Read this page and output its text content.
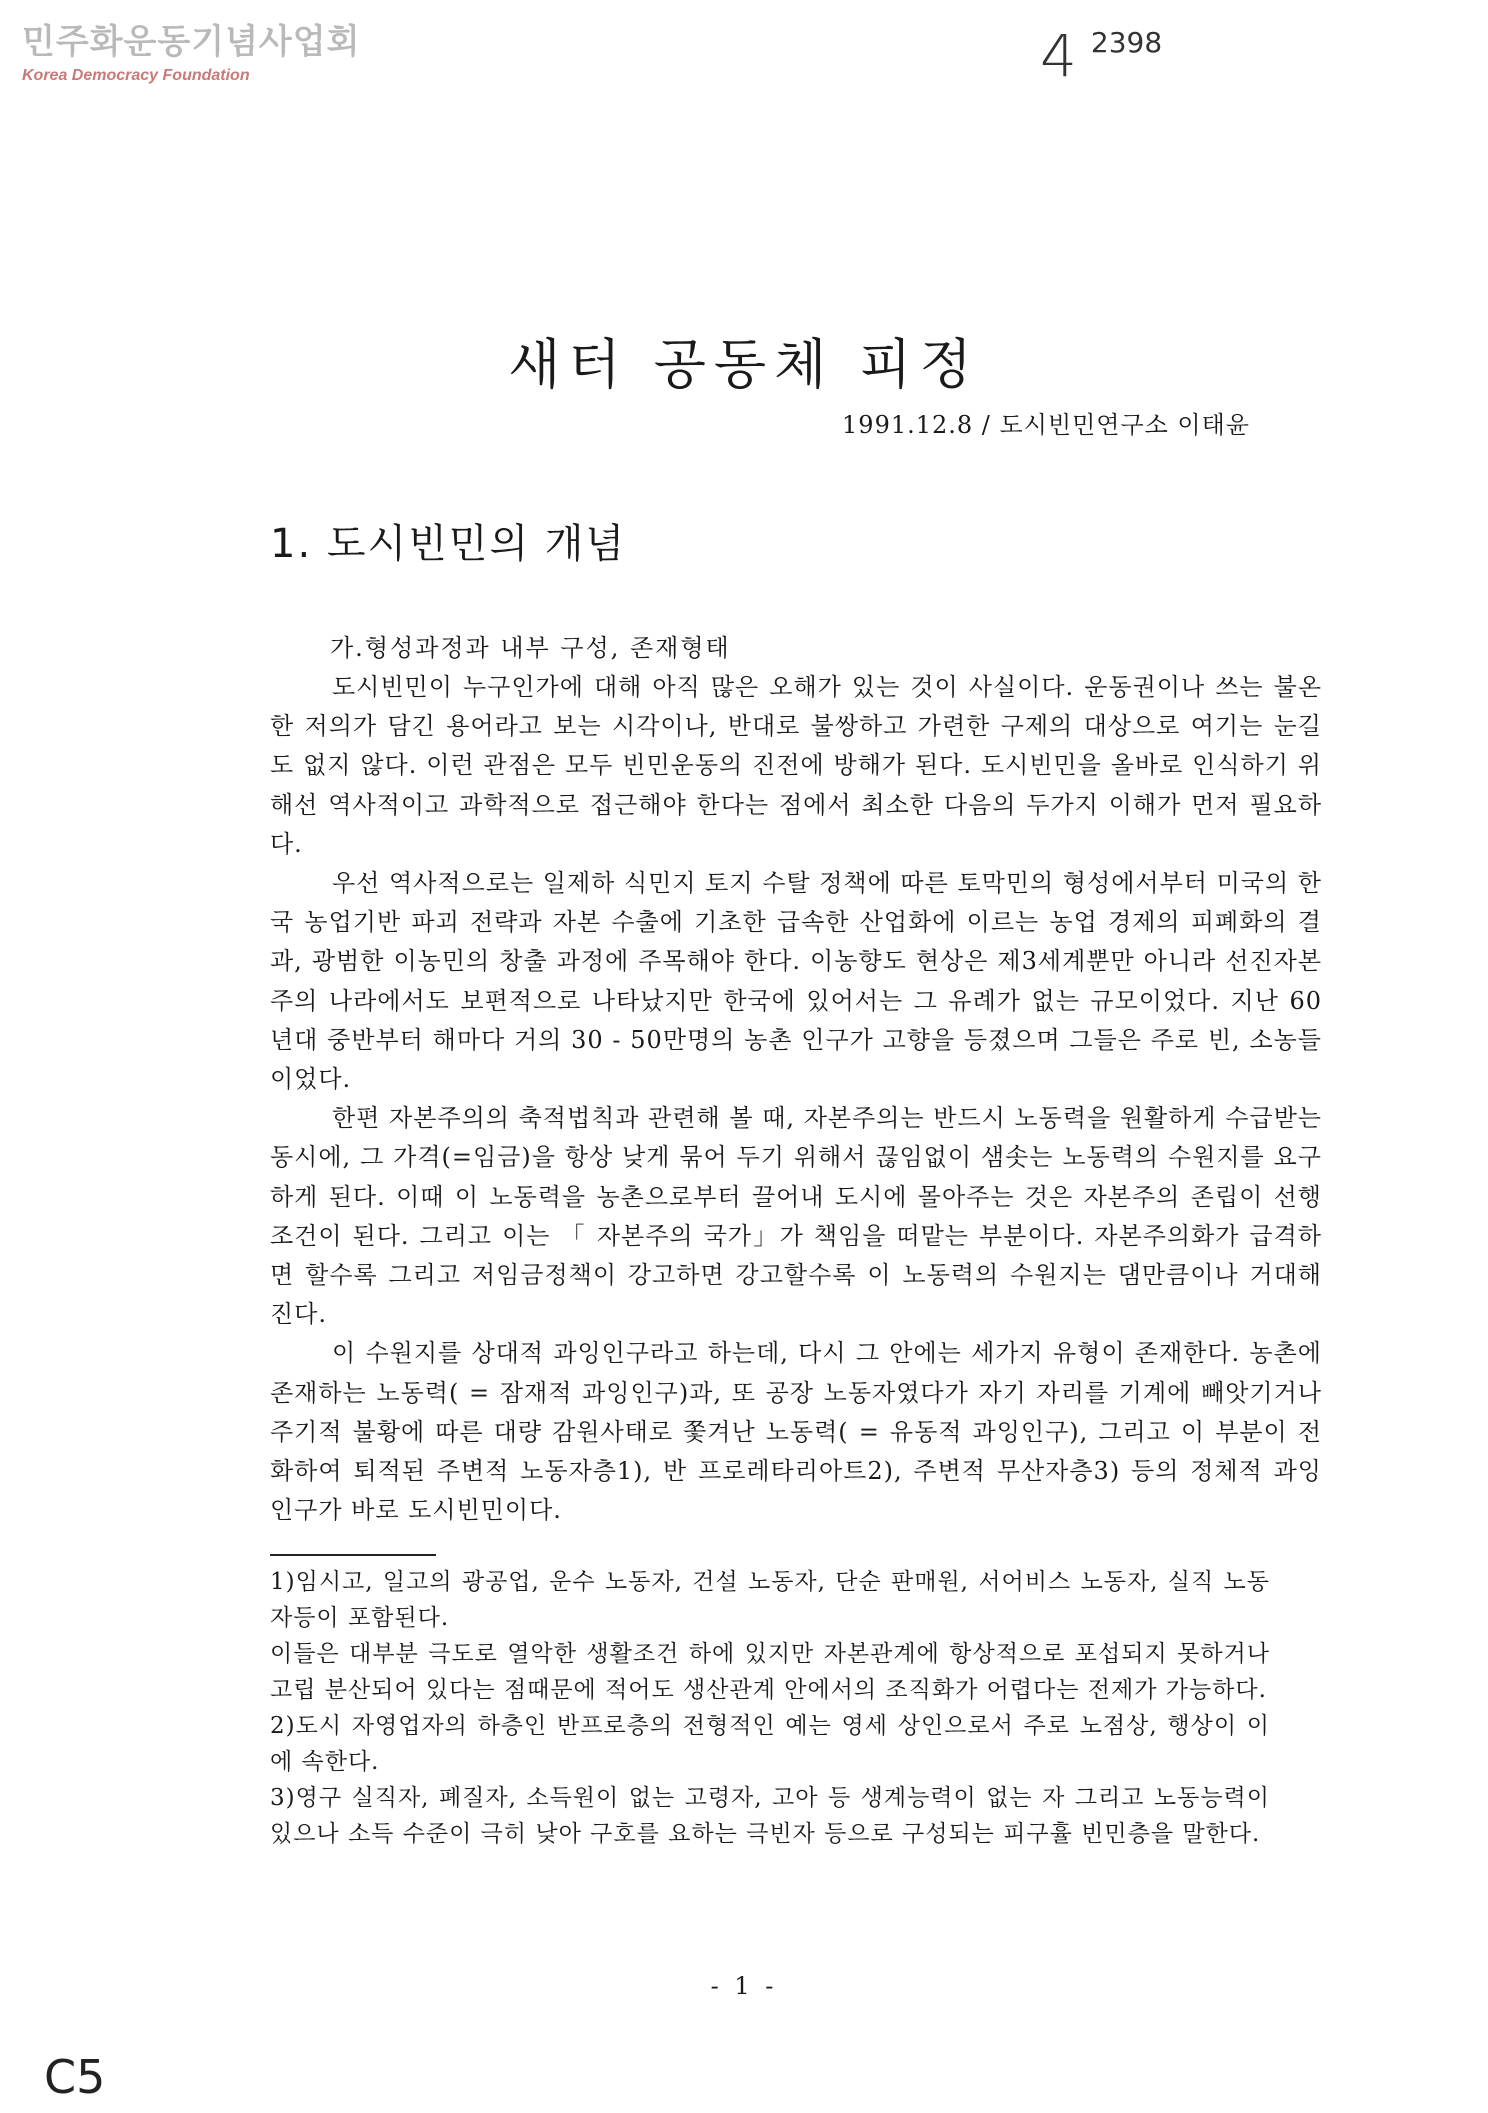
민주화운동기념사업회
Korea Democracy Foundation	4 2398
새터 공동체 피정
1991.12.8 / 도시빈민연구소 이태윤
1. 도시빈민의 개념
가.형성과정과 내부 구성, 존재형태

도시빈민이 누구인가에 대해 아직 많은 오해가 있는 것이 사실이다. 운동권이나 쓰는 불온한 저의가 담긴 용어라고 보는 시각이나, 반대로 불쌍하고 가련한 구제의 대상으로 여기는 눈길도 없지 않다. 이런 관점은 모두 빈민운동의 진전에 방해가 된다. 도시빈민을 올바로 인식하기 위해선 역사적이고 과학적으로 접근해야 한다는 점에서 최소한 다음의 두가지 이해가 먼저 필요하다.

우선 역사적으로는 일제하 식민지 토지 수탈 정책에 따른 토막민의 형성에서부터 미국의 한국 농업기반 파괴 전략과 자본 수출에 기초한 급속한 산업화에 이르는 농업 경제의 피폐화의 결과, 광범한 이농민의 창출 과정에 주목해야 한다. 이농향도 현상은 제3세계뿐만 아니라 선진자본주의 나라에서도 보편적으로 나타났지만 한국에 있어서는 그 유례가 없는 규모이었다. 지난 60년대 중반부터 해마다 거의 30 - 50만명의 농촌 인구가 고향을 등졌으며 그들은 주로 빈, 소농들이었다.

한편 자본주의의 축적법칙과 관련해 볼 때, 자본주의는 반드시 노동력을 원활하게 수급받는 동시에, 그 가격(=임금)을 항상 낮게 묶어 두기 위해서 끊임없이 샘솟는 노동력의 수원지를 요구하게 된다. 이때 이 노동력을 농촌으로부터 끌어내 도시에 몰아주는 것은 자본주의 존립이 선행 조건이 된다. 그리고 이는 「 자본주의 국가」가 책임을 떠맡는 부분이다. 자본주의화가 급격하면 할수록 그리고 저임금정책이 강고하면 강고할수록 이 노동력의 수원지는 댐만큼이나 거대해진다.

이 수원지를 상대적 과잉인구라고 하는데, 다시 그 안에는 세가지 유형이 존재한다. 농촌에 존재하는 노동력( = 잠재적 과잉인구)과, 또 공장 노동자였다가 자기 자리를 기계에 빼앗기거나 주기적 불황에 따른 대량 감원사태로 쫓겨난 노동력( = 유동적 과잉인구), 그리고 이 부분이 전화하여 퇴적된 주변적 노동자층1), 반 프로레타리아트2), 주변적 무산자층3) 등의 정체적 과잉인구가 바로 도시빈민이다.

1)임시고, 일고의 광공업, 운수 노동자, 건설 노동자, 단순 판매원, 서어비스 노동자, 실직 노동자등이 포함된다.

이들은 대부분 극도로 열악한 생활조건 하에 있지만 자본관계에 항상적으로 포섭되지 못하거나 고립 분산되어 있다는 점때문에 적어도 생산관계 안에서의 조직화가 어렵다는 전제가 가능하다.

2)도시 자영업자의 하층인 반프로층의 전형적인 예는 영세 상인으로서 주로 노점상, 행상이 이에 속한다.

3)영구 실직자, 폐질자, 소득원이 없는 고령자, 고아 등 생계능력이 없는 자 그리고 노동능력이 있으나 소득 수준이 극히 낮아 구호를 요하는 극빈자 등으로 구성되는 피구휼 빈민층을 말한다.

- 1 -
C5
